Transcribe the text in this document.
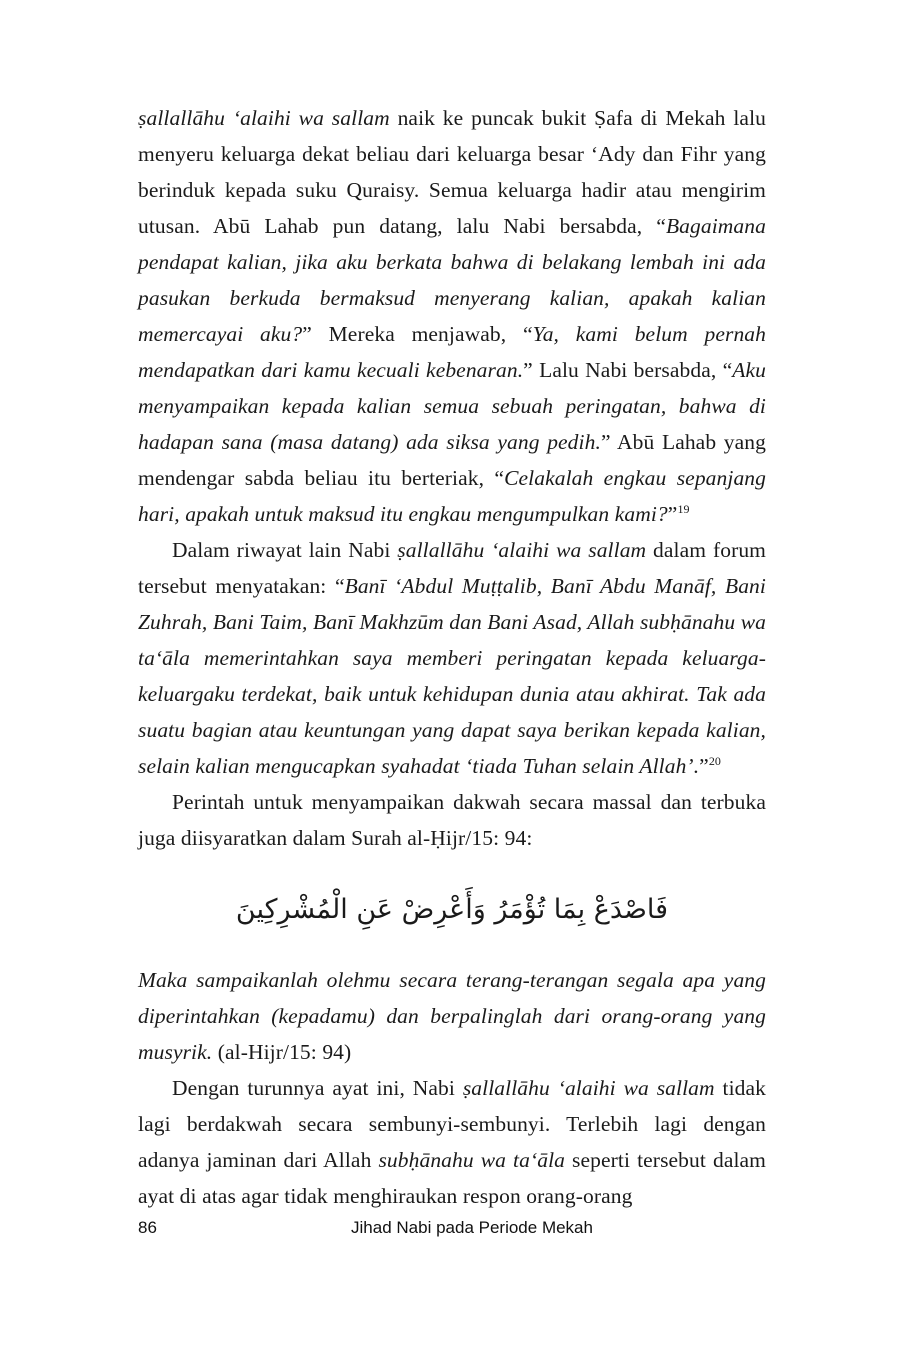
ṣallallāhu ‘alaihi wa sallam naik ke puncak bukit Ṣafa di Mekah lalu menyeru keluarga dekat beliau dari keluarga besar ‘Ady dan Fihr yang berinduk kepada suku Quraisy. Semua keluarga hadir atau mengirim utusan. Abū Lahab pun datang, lalu Nabi bersabda, “Bagaimana pendapat kalian, jika aku berkata bahwa di belakang lembah ini ada pasukan berkuda bermaksud menyerang kalian, apakah kalian memercayai aku?” Mereka menjawab, “Ya, kami belum pernah mendapatkan dari kamu kecuali kebenaran.” Lalu Nabi bersabda, “Aku menyampaikan kepada kalian semua sebuah peringatan, bahwa di hadapan sana (masa datang) ada siksa yang pedih.” Abū Lahab yang mendengar sabda beliau itu berteriak, “Celakalah engkau sepanjang hari, apakah untuk maksud itu engkau mengumpulkan kami?”$^{19}$

Dalam riwayat lain Nabi ṣallallāhu ‘alaihi wa sallam dalam forum tersebut menyatakan: “Banī ‘Abdul Muṭṭalib, Banī Abdu Manāf, Bani Zuhrah, Bani Taim, Banī Makhzūm dan Bani Asad, Allah subḥānahu wa ta‘āla memerintahkan saya memberi peringatan kepada keluarga-keluargaku terdekat, baik untuk kehidupan dunia atau akhirat. Tak ada suatu bagian atau keuntungan yang dapat saya berikan kepada kalian, selain kalian mengucapkan syahadat ‘tiada Tuhan selain Allah’.”$^{20}$

Perintah untuk menyampaikan dakwah secara massal dan terbuka juga diisyaratkan dalam Surah al-Ḥijr/15: 94:

فَاصْدَعْ بِمَا تُؤْمَرُ وَأَعْرِضْ عَنِ الْمُشْرِكِينَ

Maka sampaikanlah olehmu secara terang-terangan segala apa yang diperintahkan (kepadamu) dan berpalinglah dari orang-orang yang musyrik. (al-Hijr/15: 94)

Dengan turunnya ayat ini, Nabi ṣallallāhu ‘alaihi wa sallam tidak lagi berdakwah secara sembunyi-sembunyi. Terlebih lagi dengan adanya jaminan dari Allah subḥānahu wa ta‘āla seperti tersebut dalam ayat di atas agar tidak menghiraukan respon orang-orang

86	Jihad Nabi pada Periode Mekah
